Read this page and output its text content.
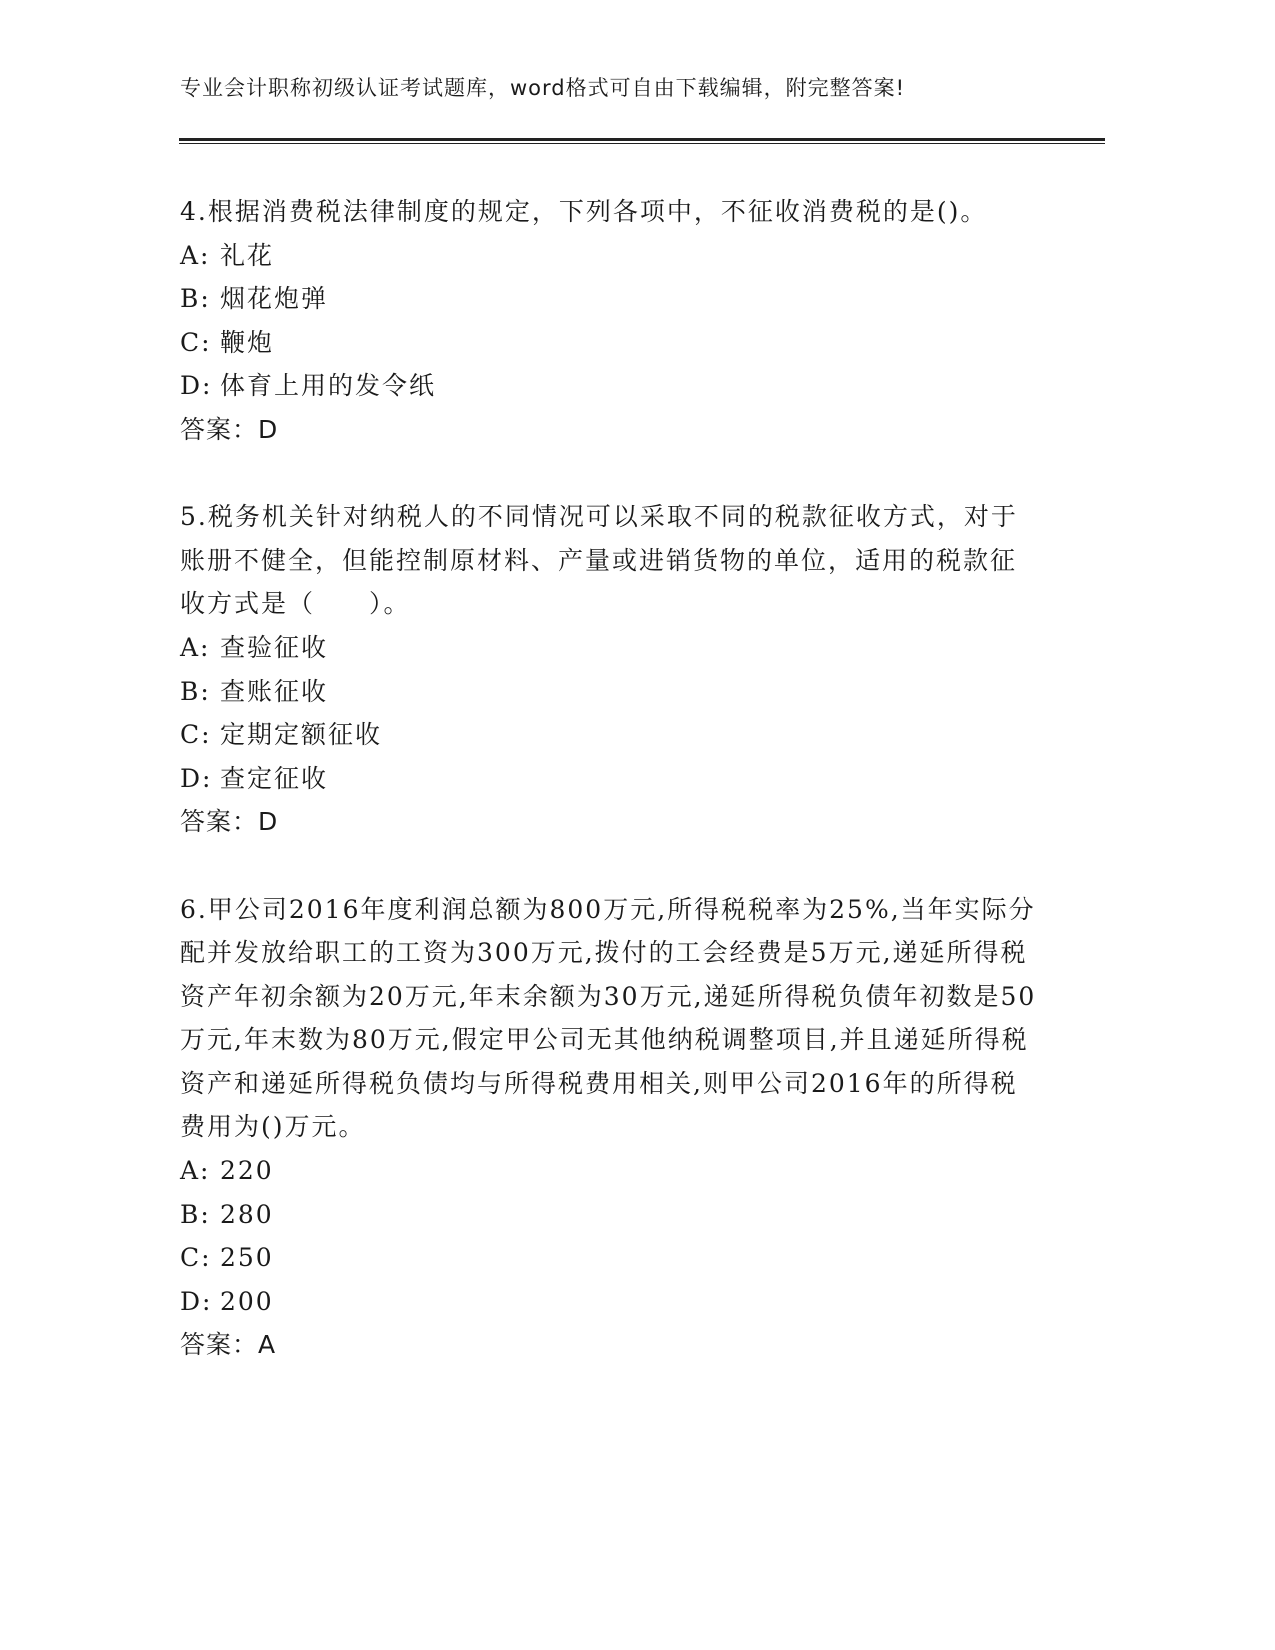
专业会计职称初级认证考试题库，word格式可自由下载编辑，附完整答案!

4.根据消费税法律制度的规定，下列各项中，不征收消费税的是()。

A: 礼花

B: 烟花炮弹

C: 鞭炮

D: 体育上用的发令纸

答案：D

5.税务机关针对纳税人的不同情况可以采取不同的税款征收方式，对于账册不健全，但能控制原材料、产量或进销货物的单位，适用的税款征收方式是（　　）。

A: 查验征收

B: 查账征收

C: 定期定额征收

D: 查定征收

答案：D

6.甲公司2016年度利润总额为800万元,所得税税率为25%,当年实际分配并发放给职工的工资为300万元,拨付的工会经费是5万元,递延所得税资产年初余额为20万元,年末余额为30万元,递延所得税负债年初数是50万元,年末数为80万元,假定甲公司无其他纳税调整项目,并且递延所得税资产和递延所得税负债均与所得税费用相关,则甲公司2016年的所得税费用为()万元。

A: 220

B: 280

C: 250

D: 200

答案：A
